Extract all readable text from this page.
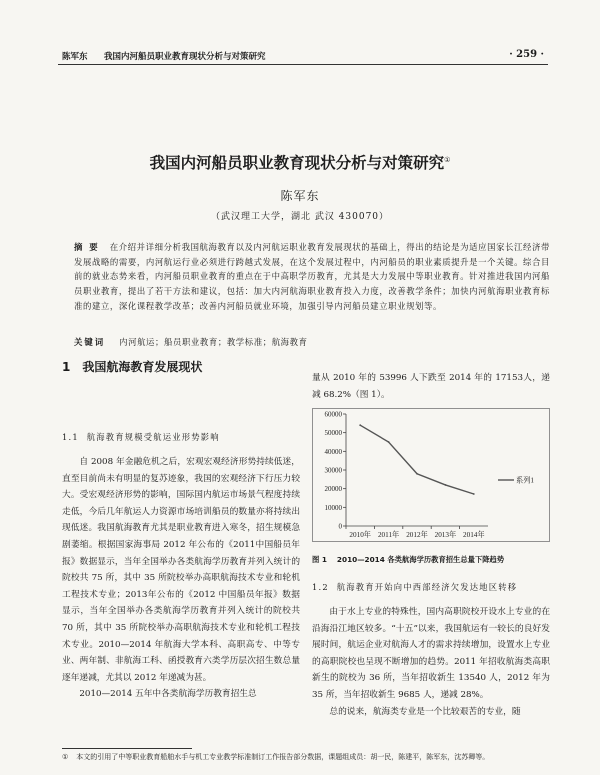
陈军东 我国内河船员职业教育现状分析与对策研究	· 259 ·
我国内河船员职业教育现状分析与对策研究①
陈军东
（武汉理工大学，湖北 武汉 430070）
摘 要 在介绍并详细分析我国航海教育以及内河航运职业教育发展现状的基础上，得出的结论是为适应国家长江经济带发展战略的需要，内河航运行业必须进行跨越式发展，在这个发展过程中，内河船员的职业素质提升是一个关键。综合目前的就业态势来看，内河船员职业教育的重点在于中高职学历教育，尤其是大力发展中等职业教育。针对推进我国内河船员职业教育，提出了若干方法和建议，包括：加大内河航海职业教育投入力度，改善教学条件；加快内河航海职业教育标准的建立，深化课程教学改革；改善内河船员就业环境，加强引导内河船员建立职业规划等。
关键词 内河航运；船员职业教育；教学标准；航海教育
1 我国航海教育发展现状
1.1 航海教育规模受航运业形势影响

自 2008 年金融危机之后，宏观宏观经济形势持续低迷，直至目前尚未有明显的复苏迹象，我国的宏观经济下行压力较大。受宏观经济形势的影响，国际国内航运市场景气程度持续走低，今后几年航运人力资源市场培训船员的数量亦将持续出现低迷。我国航海教育尤其是职业教育进入寒冬，招生规模急剧萎缩。根据国家海事局 2012 年公布的《2011中国船员年报》数据显示，当年全国举办各类航海学历教育并列入统计的院校共 75 所，其中 35 所院校举办高职航海技术专业和轮机工程技术专业；2013年公布的《2012 中国船员年报》数据显示，当年全国举办各类航海学历教育并列入统计的院校共 70 所，其中 35 所院校举办高职航海技术专业和轮机工程技术专业。2010—2014 年航海大学本科、高职高专、中等专业、两年制、非航海工科、函授教育六类学历层次招生数总量逐年递减，尤其以 2012 年递减为甚。

2010—2014 五年中各类航海学历教育招生总

量从 2010 年的 53996 人下跌至 2014 年的 17153人，递减 68.2%（图 1）。

1.2 航海教育开始向中西部经济欠发达地区转移

由于水上专业的特殊性，国内高职院校开设水上专业的在沿海沿江地区较多。“十五”以来，我国航运有一较长的良好发展时间，航运企业对航海人才的需求持续增加，设置水上专业的高职院校也呈现不断增加的趋势。2011 年招收航海类高职新生的院校为 36 所，当年招收新生 13540 人，2012 年为 35 所，当年招收新生 9685 人，递减 28%。

总的说来，航海类专业是一个比较艰苦的专业，随

0
10000
20000
30000
40000
50000
60000
2010年 2011年 2012年 2013年 2014年
系列1
图 1 2010—2014 各类航海学历教育招生总量下降趋势
① 本文的引用了中等职业教育船舶水手与机工专业教学标准制订工作报告部分数据，课题组成员：胡一民，陈建平，陈军东，沈苏卿等。
